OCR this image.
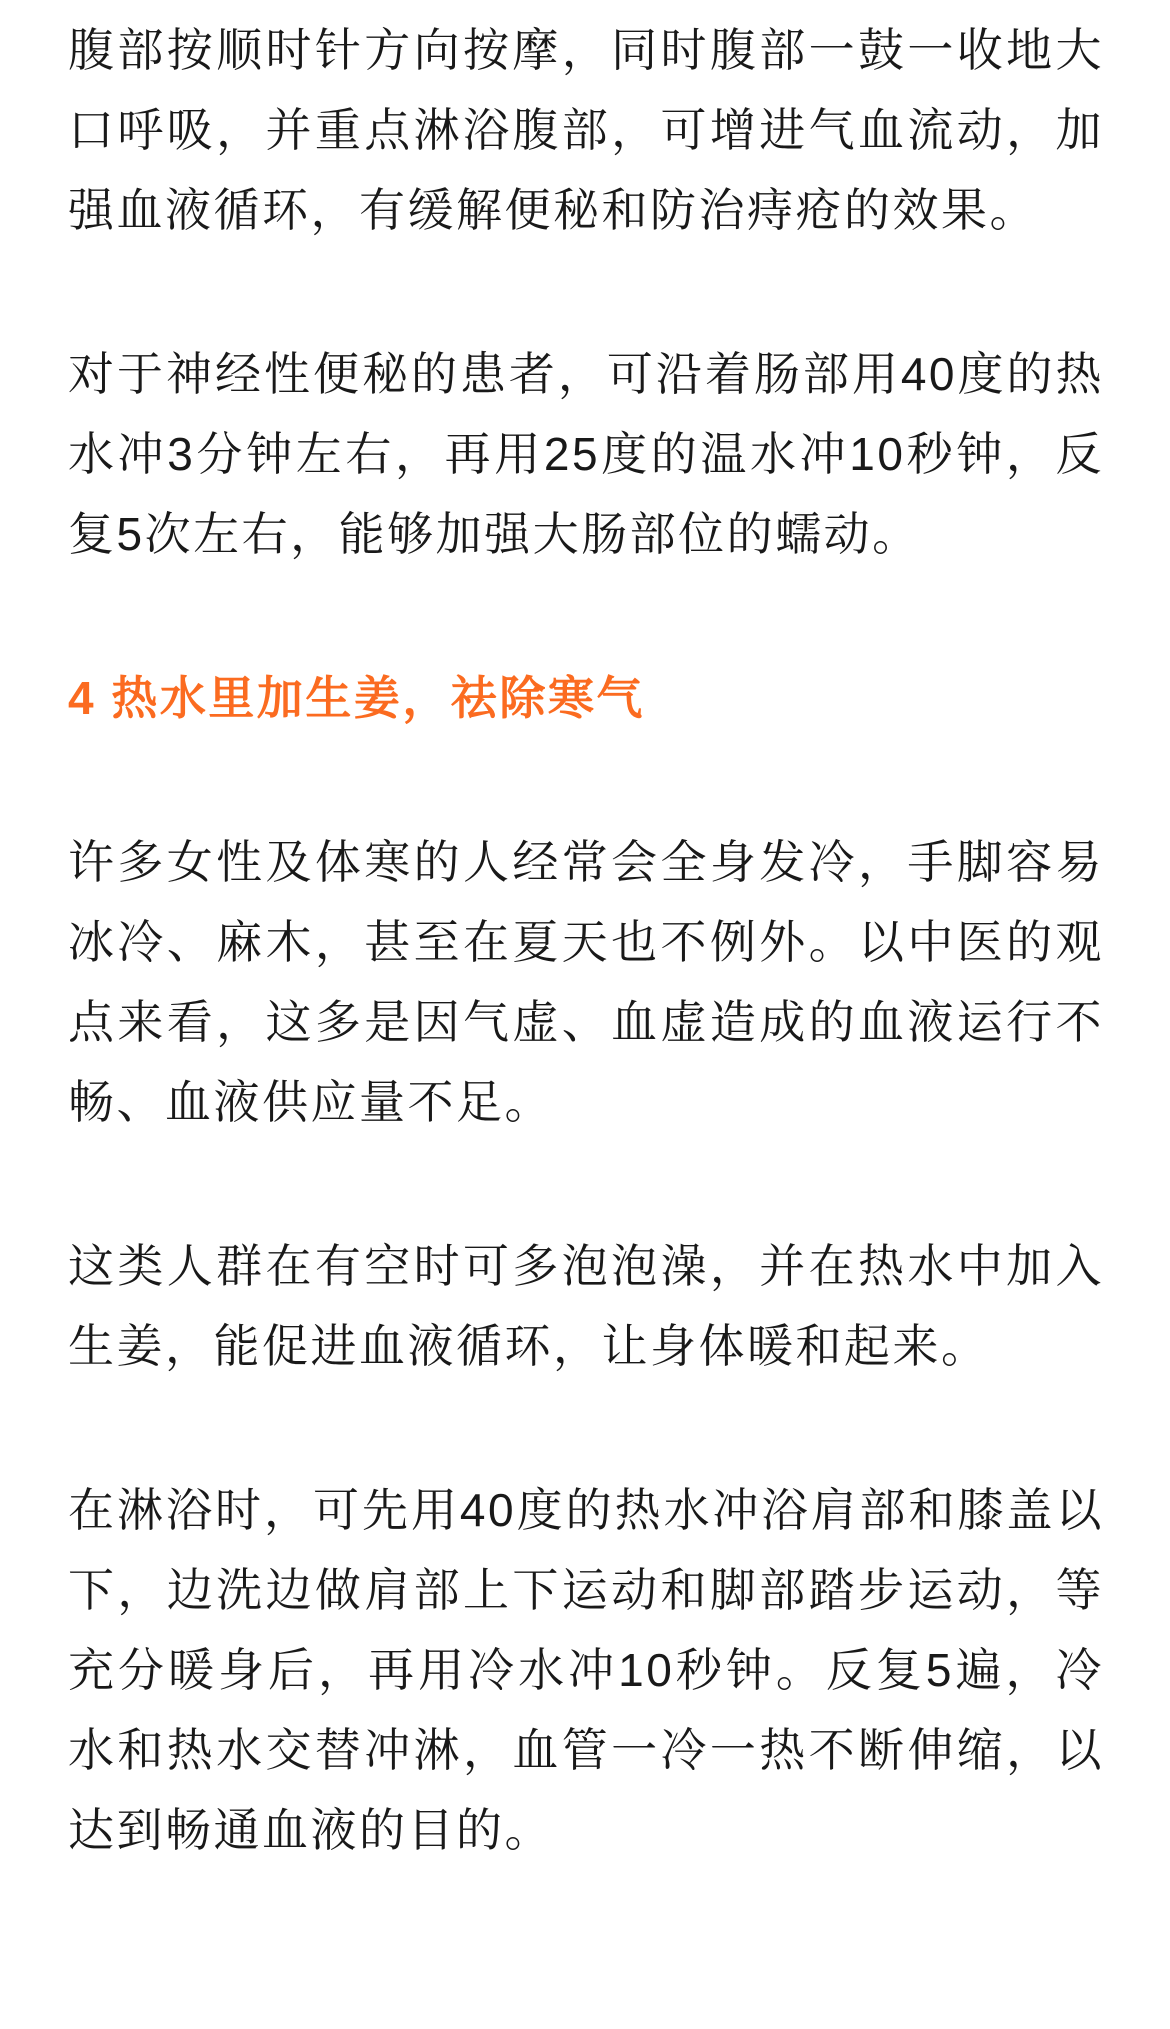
腹部按顺时针方向按摩，同时腹部一鼓一收地大口呼吸，并重点淋浴腹部，可增进气血流动，加强血液循环，有缓解便秘和防治痔疮的效果。

对于神经性便秘的患者，可沿着肠部用40度的热水冲3分钟左右，再用25度的温水冲10秒钟，反复5次左右，能够加强大肠部位的蠕动。

4 热水里加生姜，祛除寒气

许多女性及体寒的人经常会全身发冷，手脚容易冰冷、麻木，甚至在夏天也不例外。以中医的观点来看，这多是因气虚、血虚造成的血液运行不畅、血液供应量不足。

这类人群在有空时可多泡泡澡，并在热水中加入生姜，能促进血液循环，让身体暖和起来。

在淋浴时，可先用40度的热水冲浴肩部和膝盖以下，边洗边做肩部上下运动和脚部踏步运动，等充分暖身后，再用冷水冲10秒钟。反复5遍，冷水和热水交替冲淋，血管一冷一热不断伸缩，以达到畅通血液的目的。
